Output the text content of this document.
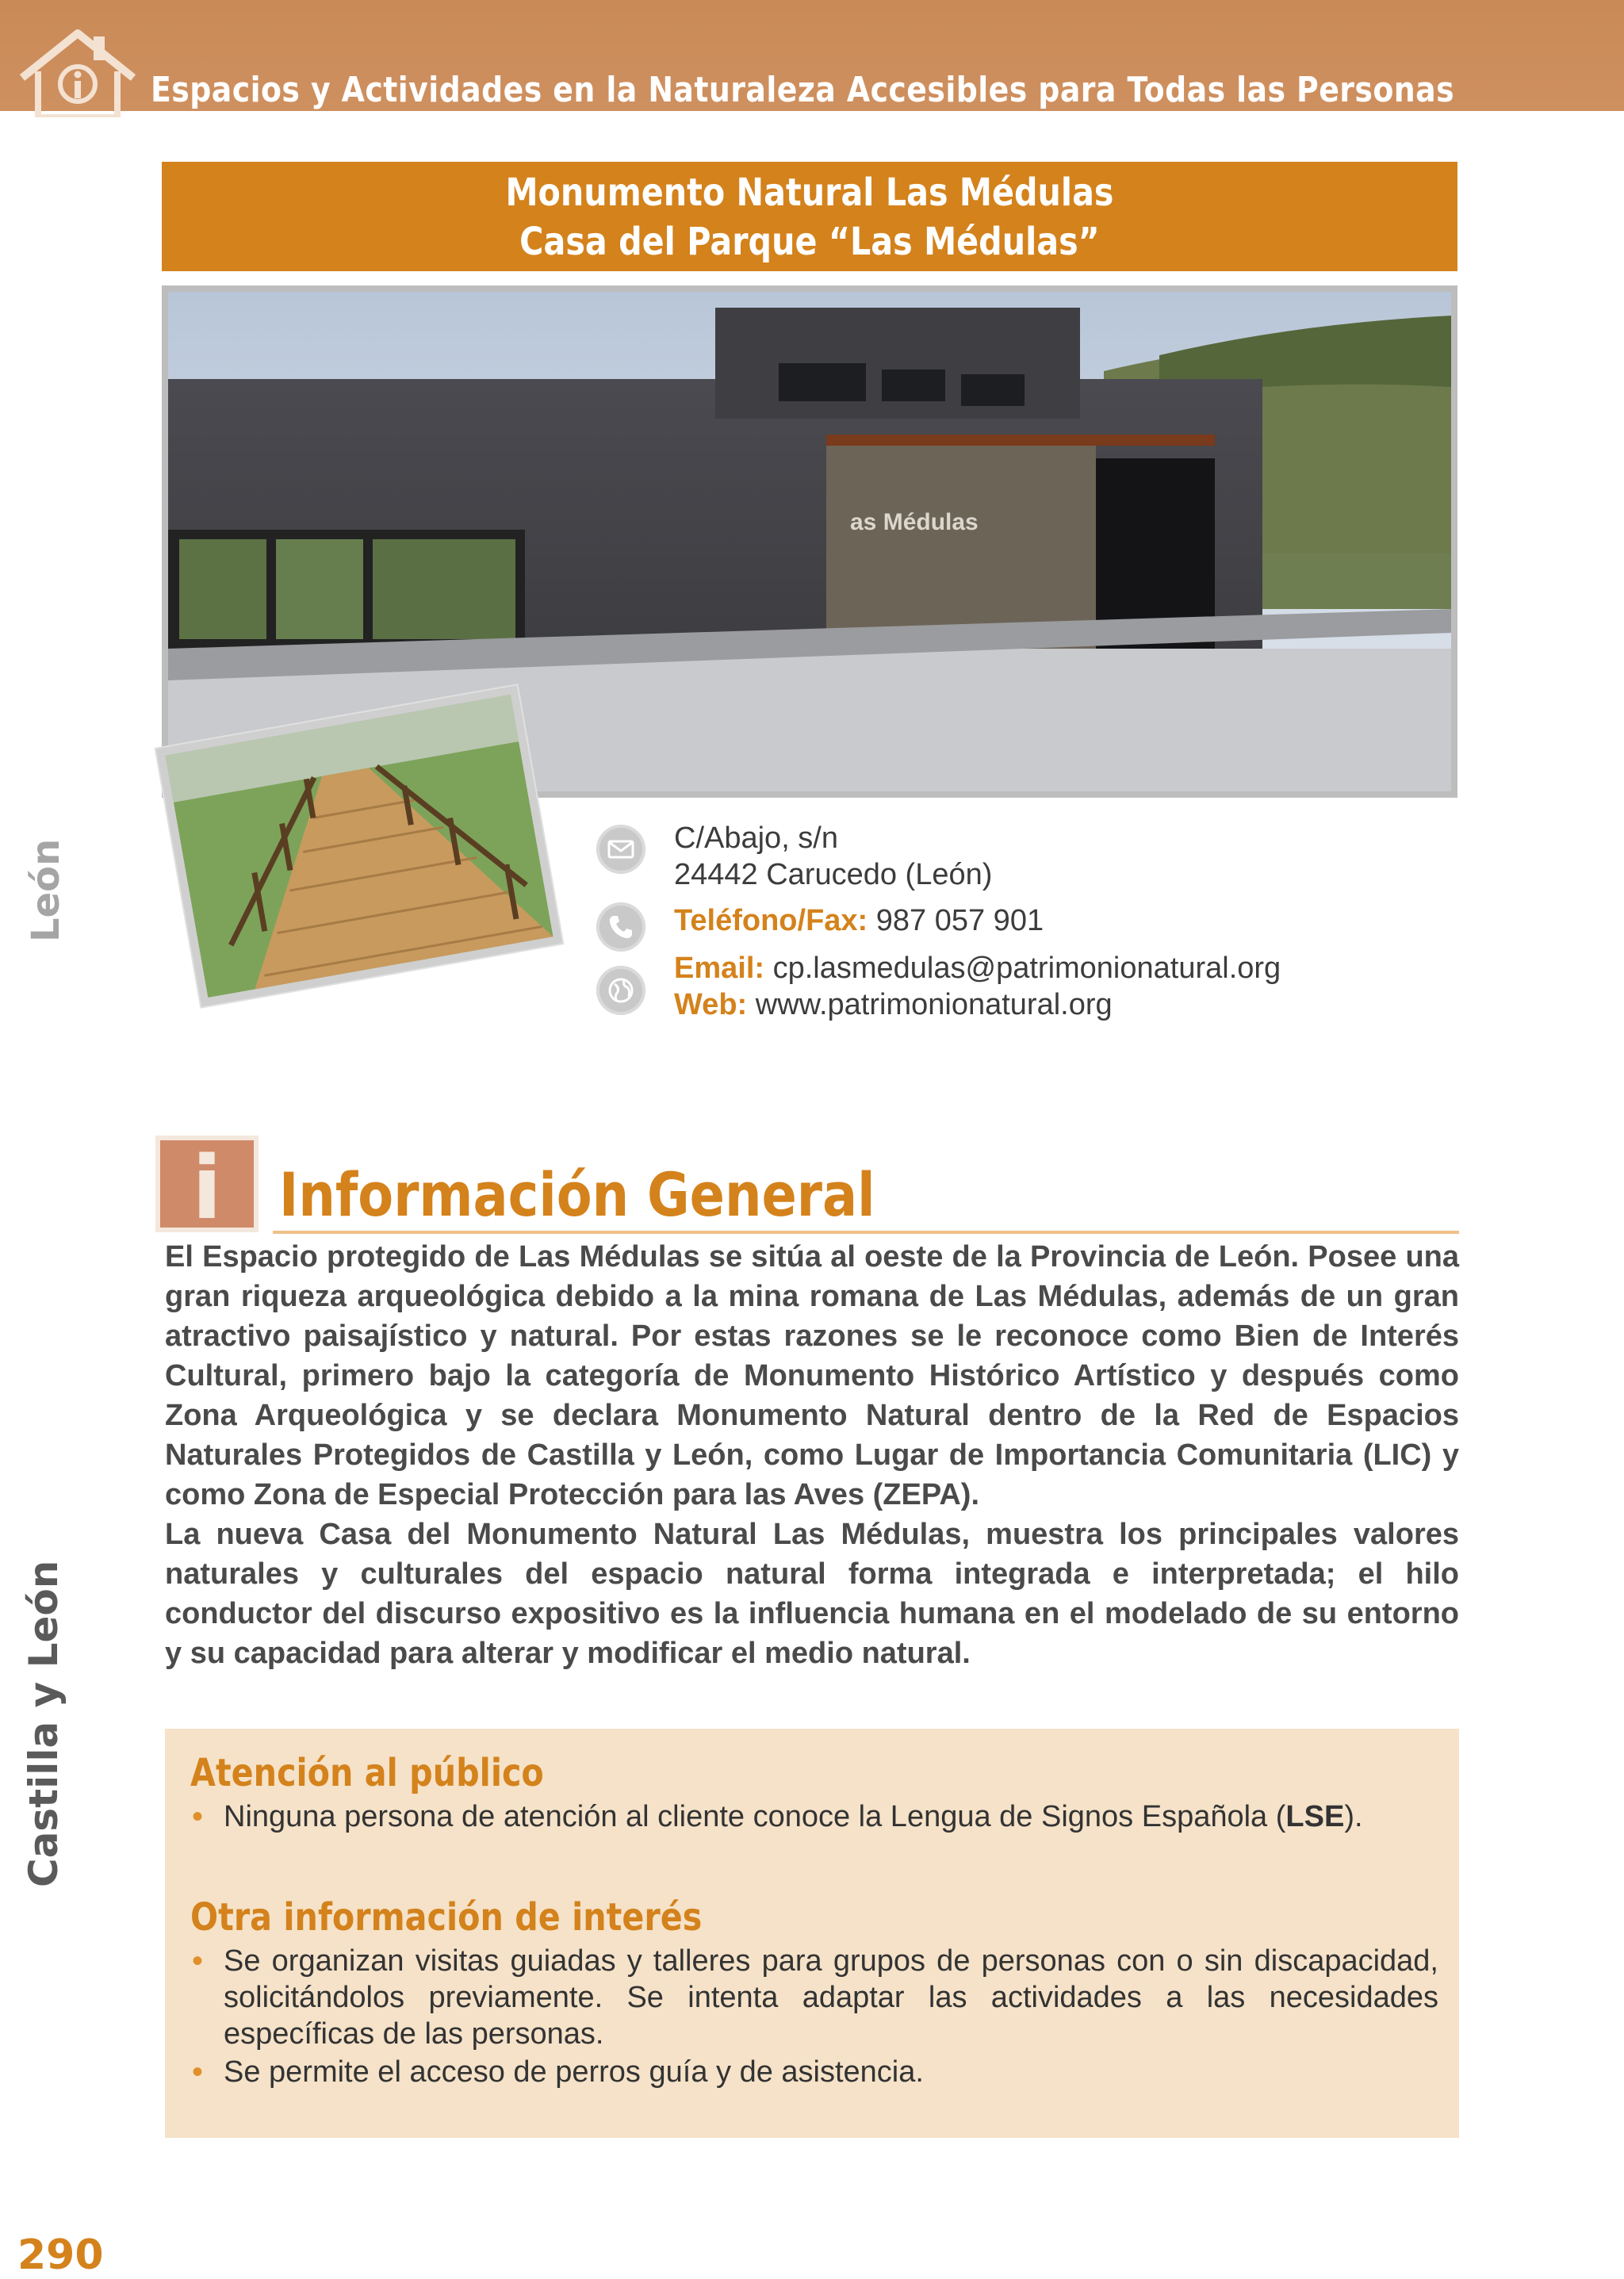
Espacios y Actividades en la Naturaleza Accesibles para Todas las Personas
Monumento Natural Las Médulas
Casa del Parque “Las Médulas”
as Médulas
C/Abajo, s/n
24442 Carucedo (León)
Teléfono/Fax: 987 057 901
Email: cp.lasmedulas@patrimonionatural.org
Web: www.patrimonionatural.org
León
Castilla y León
i Información General

El Espacio protegido de Las Médulas se sitúa al oeste de la Provincia de León. Posee una gran riqueza arqueológica debido a la mina romana de Las Médulas, además de un gran atractivo paisajístico y natural. Por estas razones se le reconoce como Bien de Interés Cultural, primero bajo la categoría de Monumento Histórico Artístico y después como Zona Arqueológica y se declara Monumento Natural dentro de la Red de Espacios Naturales Protegidos de Castilla y León, como Lugar de Importancia Comunitaria (LIC) y como Zona de Especial Protección para las Aves (ZEPA).

La nueva Casa del Monumento Natural Las Médulas, muestra los principales valores naturales y culturales del espacio natural forma integrada e interpretada; el hilo conductor del discurso expositivo es la influencia humana en el modelado de su entorno y su capacidad para alterar y modificar el medio natural.

Atención al público
• Ninguna persona de atención al cliente conoce la Lengua de Signos Española (LSE).
Otra información de interés
• Se organizan visitas guiadas y talleres para grupos de personas con o sin discapacidad, solicitándolos previamente. Se intenta adaptar las actividades a las necesidades específicas de las personas.
• Se permite el acceso de perros guía y de asistencia.
290
